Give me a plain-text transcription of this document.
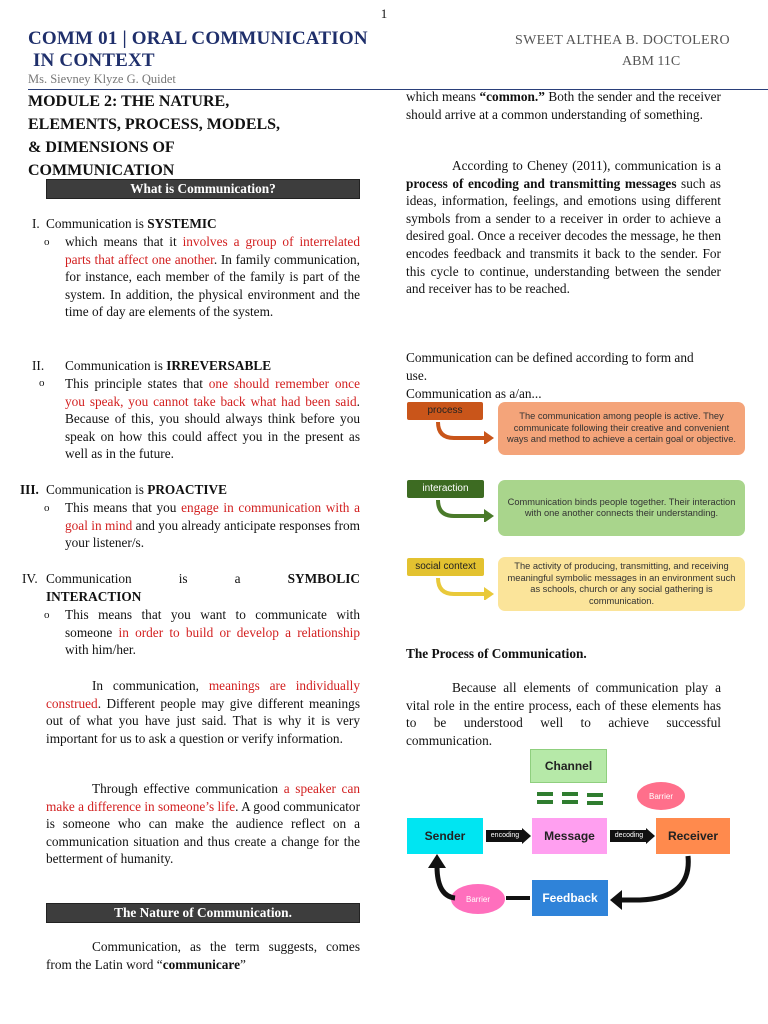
1
COMM 01 | ORAL COMMUNICATION
IN CONTEXT
SWEET ALTHEA B. DOCTOLERO
ABM 11C
Ms. Sievney Klyze G. Quidet
MODULE 2: THE NATURE,
ELEMENTS, PROCESS, MODELS,
& DIMENSIONS OF
COMMUNICATION
What is Communication?
I. Communication is SYSTEMIC
o which means that it involves a group of interrelated parts that affect one another. In family communication, for instance, each member of the family is part of the system. In addition, the physical environment and the time of day are elements of the system.
II. Communication is IRREVERSABLE
o This principle states that one should remember once you speak, you cannot take back what had been said. Because of this, you should always think before you speak on how this could affect you in the present as well as in the future.
III. Communication is PROACTIVE
o This means that you engage in communication with a goal in mind and you already anticipate responses from your listener/s.
IV. Communication is a SYMBOLIC INTERACTION
o This means that you want to communicate with someone in order to build or develop a relationship with him/her.
In communication, meanings are individually construed. Different people may give different meanings out of what you have just said. That is why it is very important for us to ask a question or verify information.
Through effective communication a speaker can make a difference in someone’s life. A good communicator is someone who can make the audience reflect on a communication situation and thus create a change for the betterment of humanity.
The Nature of Communication.
Communication, as the term suggests, comes from the Latin word “communicare”
which means “common.” Both the sender and the receiver should arrive at a common understanding of something.
According to Cheney (2011), communication is a process of encoding and transmitting messages such as ideas, information, feelings, and emotions using different symbols from a sender to a receiver in order to achieve a desired goal. Once a receiver decodes the message, he then encodes feedback and transmits it back to the sender. For this cycle to continue, understanding between the sender and receiver has to be reached.
Communication can be defined according to form and use.
Communication as a/an...
process
The communication among people is active. They communicate following their creative and convenient ways and method to achieve a certain goal or objective.
interaction
Communication binds people together. Their interaction with one another connects their understanding.
social context	The activity of producing, transmitting, and receiving meaningful symbolic messages in an environment such as schools, church or any social gathering is communication.
The Process of Communication.
Because all elements of communication play a vital role in the entire process, each of these elements has to be understood well to achieve successful communication.
Channel
Barrier
Sender	encoding	Message	decoding	Receiver
Feedback
Barrier
